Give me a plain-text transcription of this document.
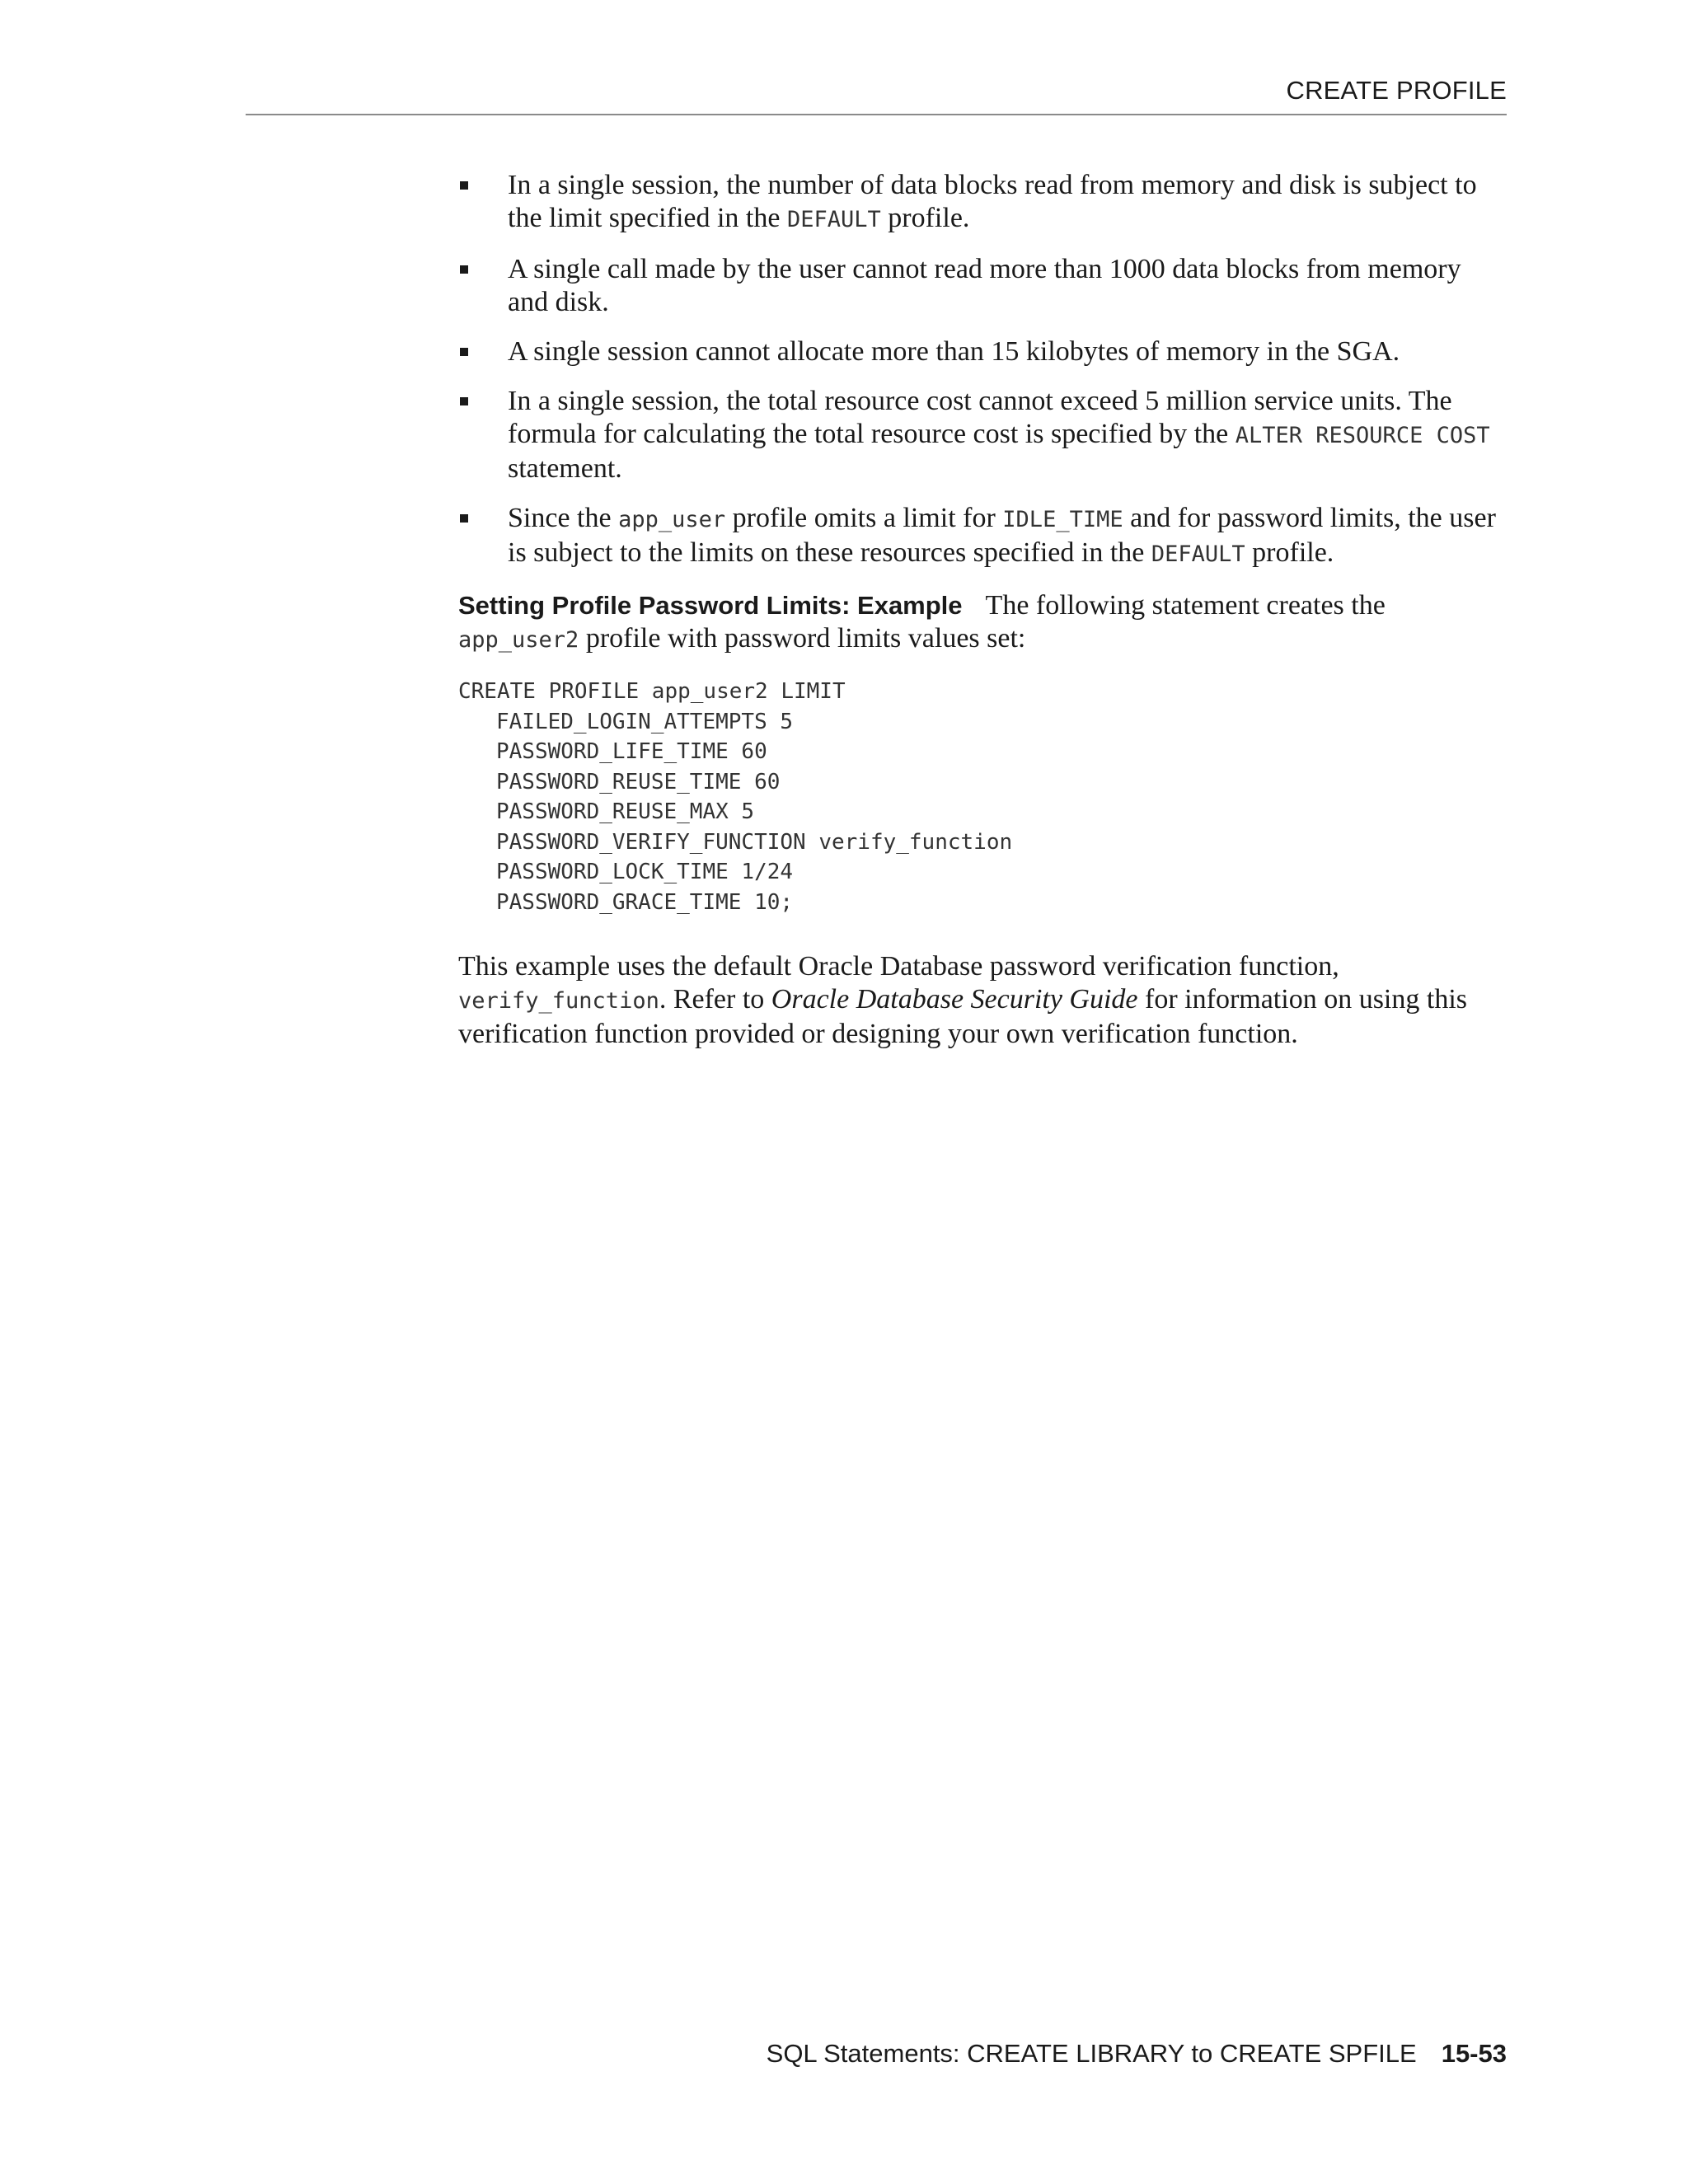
CREATE PROFILE
In a single session, the number of data blocks read from memory and disk is subject to the limit specified in the DEFAULT profile.
A single call made by the user cannot read more than 1000 data blocks from memory and disk.
A single session cannot allocate more than 15 kilobytes of memory in the SGA.
In a single session, the total resource cost cannot exceed 5 million service units. The formula for calculating the total resource cost is specified by the ALTER RESOURCE COST statement.
Since the app_user profile omits a limit for IDLE_TIME and for password limits, the user is subject to the limits on these resources specified in the DEFAULT profile.

Setting Profile Password Limits: Example The following statement creates the app_user2 profile with password limits values set:

CREATE PROFILE app_user2 LIMIT
FAILED_LOGIN_ATTEMPTS 5
PASSWORD_LIFE_TIME 60
PASSWORD_REUSE_TIME 60
PASSWORD_REUSE_MAX 5
PASSWORD_VERIFY_FUNCTION verify_function
PASSWORD_LOCK_TIME 1/24
PASSWORD_GRACE_TIME 10;

This example uses the default Oracle Database password verification function, verify_function. Refer to Oracle Database Security Guide for information on using this verification function provided or designing your own verification function.

SQL Statements: CREATE LIBRARY to CREATE SPFILE 15-53
